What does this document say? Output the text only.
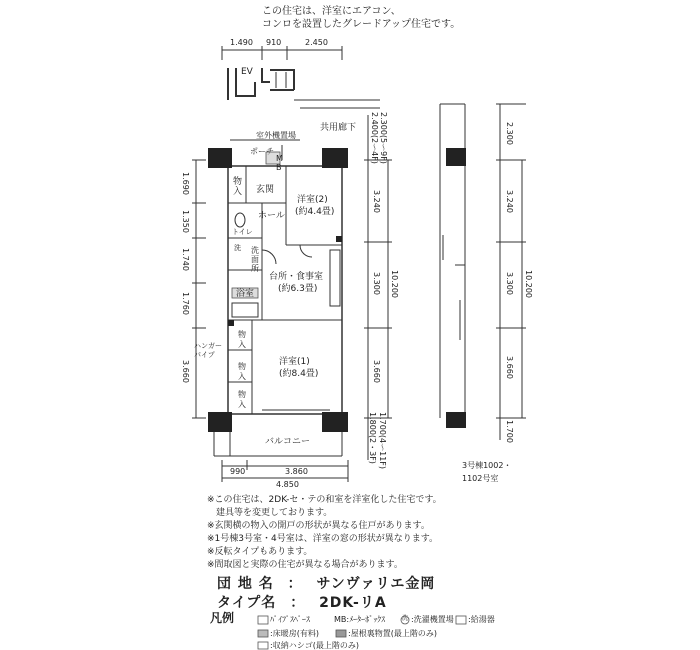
この住宅は、洋室にエアコン、
コンロを設置したグレードアップ住宅です。
1.490 910	2.450
EV
共用廊下
室外機置場
ポーチ
M
B
物
入 玄関
洋室(2)
(約4.4畳)
ホール
トイレ
洗 洗
面
所
台所・食事室
(約6.3畳)
浴室
物
入
物
入
物
入
ハンガー
パイプ
洋室(1)
(約8.4畳)
バルコニー
1.690
1.350
1.740
1.760
3.660
2.400(2～4F) 2.300(5～9F)
3.240
3.300
3.660
10.200
1.800(2・3F) 1.700(4～11F)
2.300
3.240
3.300
3.660
1.700
10.200
990	3.860
4.850
3号棟1002・
1102号室
※この住宅は、2DK-セ・テの和室を洋室化した住宅です。
　建具等を変更しております。
※玄関横の物入の開戸の形状が異なる住戸があります。
※1号棟3号室・4号室は、洋室の窓の形状が異なります。
※反転タイプもあります。
※間取図と実際の住宅が異なる場合があります。
団 地 名 ： サンヴァリエ金岡
タイプ名 ： 2DK-リA
凡例	ﾊﾟｲﾌﾟｽﾍﾟｰｽ	MB:ﾒｰﾀｰﾎﾞｯｸｽ	洗 :洗濯機置場 :給湯器
:床暖房(有料)	:屋根裏物置(最上階のみ)
:収納ハシゴ(最上階のみ)
